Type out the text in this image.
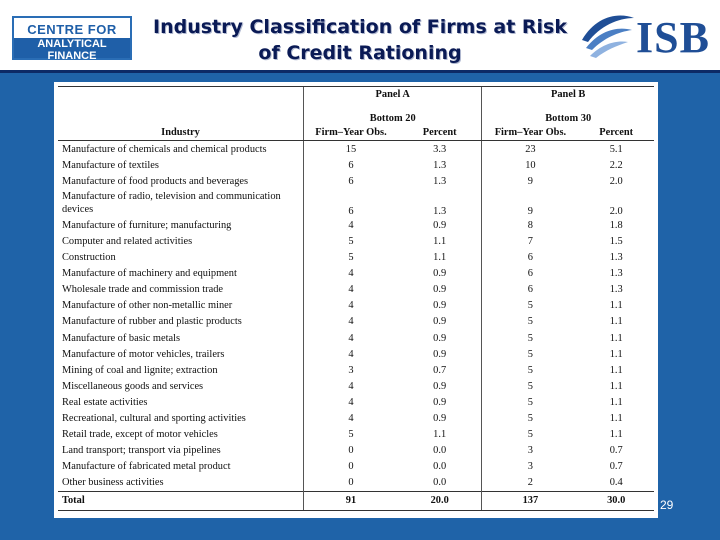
CENTRE FOR
ANALYTICAL FINANCE
Industry Classification of Firms at Risk
of Credit Rationing	ISB
	Panel A		Panel B	
	Bottom 20		Bottom 30	
Industry	Firm–Year Obs.	Percent	Firm–Year Obs.	Percent
Manufacture of chemicals and chemical products	15	3.3	23	5.1
Manufacture of textiles	6	1.3	10	2.2
Manufacture of food products and beverages	6	1.3	9	2.0
Manufacture of radio, television and communication devices	6	1.3	9	2.0
Manufacture of furniture; manufacturing	4	0.9	8	1.8
Computer and related activities	5	1.1	7	1.5
Construction	5	1.1	6	1.3
Manufacture of machinery and equipment	4	0.9	6	1.3
Wholesale trade and commission trade	4	0.9	6	1.3
Manufacture of other non-metallic miner	4	0.9	5	1.1
Manufacture of rubber and plastic products	4	0.9	5	1.1
Manufacture of basic metals	4	0.9	5	1.1
Manufacture of motor vehicles, trailers	4	0.9	5	1.1
Mining of coal and lignite; extraction	3	0.7	5	1.1
Miscellaneous goods and services	4	0.9	5	1.1
Real estate activities	4	0.9	5	1.1
Recreational, cultural and sporting activities	4	0.9	5	1.1
Retail trade, except of motor vehicles	5	1.1	5	1.1
Land transport; transport via pipelines	0	0.0	3	0.7
Manufacture of fabricated metal product	0	0.0	3	0.7
Other business activities	0	0.0	2	0.4
Total	91	20.0	137	30.0	29
